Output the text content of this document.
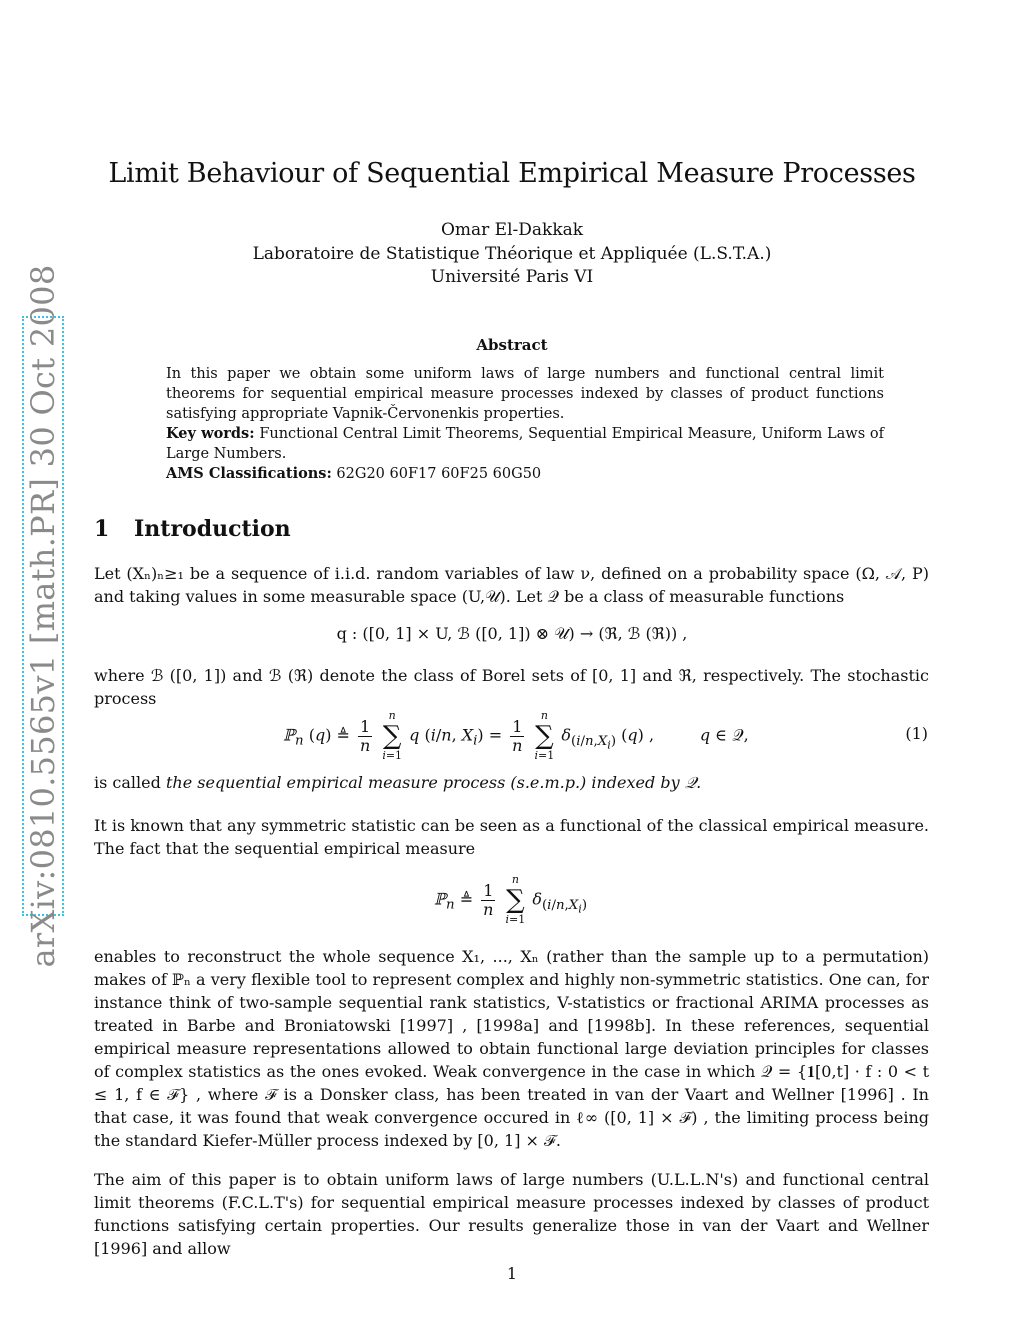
arXiv:0810.5565v1 [math.PR] 30 Oct 2008
Limit Behaviour of Sequential Empirical Measure Processes
Omar El-Dakkak
Laboratoire de Statistique Théorique et Appliquée (L.S.T.A.)
Université Paris VI
Abstract
In this paper we obtain some uniform laws of large numbers and functional central limit theorems for sequential empirical measure processes indexed by classes of product functions satisfying appropriate Vapnik-Červonenkis properties.
Key words: Functional Central Limit Theorems, Sequential Empirical Measure, Uniform Laws of Large Numbers.
AMS Classifications: 62G20 60F17 60F25 60G50
1 Introduction
Let (Xₙ)ₙ≥₁ be a sequence of i.i.d. random variables of law ν, defined on a probability space (Ω, 𝒜, P) and taking values in some measurable space (U,𝒰). Let 𝒬 be a class of measurable functions
q : ([0, 1] × U, ℬ ([0, 1]) ⊗ 𝒰) → (ℜ, ℬ (ℜ)) ,
where ℬ ([0, 1]) and ℬ (ℜ) denote the class of Borel sets of [0, 1] and ℜ, respectively. The stochastic process
ℙ$_n$ (q) ≜ $\frac{1}{n}$

n
∑
i=1
q (i/n, $X_i) = \frac{1}{n}$

n
∑
i=1
$\delta_{(i/n,X_i)}$ (q) ,         q ∈ 𝒬,	(1)
is called the sequential empirical measure process (s.e.m.p.) indexed by 𝒬.
It is known that any symmetric statistic can be seen as a functional of the classical empirical measure. The fact that the sequential empirical measure
ℙ$_n$ ≜ $\frac{1}{n}$

n
∑
i=1
$\delta_{(i/n,X_i)}$
enables to reconstruct the whole sequence X₁, ..., Xₙ (rather than the sample up to a permutation) makes of ℙₙ a very flexible tool to represent complex and highly non-symmetric statistics. One can, for instance think of two-sample sequential rank statistics, V-statistics or fractional ARIMA processes as treated in Barbe and Broniatowski [1997] , [1998a] and [1998b]. In these references, sequential empirical measure representations allowed to obtain functional large deviation principles for classes of complex statistics as the ones evoked. Weak convergence in the case in which 𝒬 = {𝟏[0,t] · f : 0 < t ≤ 1, f ∈ ℱ} , where ℱ is a Donsker class, has been treated in van der Vaart and Wellner [1996] . In that case, it was found that weak convergence occured in ℓ∞ ([0, 1] × ℱ) , the limiting process being the standard Kiefer-Müller process indexed by [0, 1] × ℱ.
The aim of this paper is to obtain uniform laws of large numbers (U.L.L.N's) and functional central limit theorems (F.C.L.T's) for sequential empirical measure processes indexed by classes of product functions satisfying certain properties. Our results generalize those in van der Vaart and Wellner [1996] and allow
1
